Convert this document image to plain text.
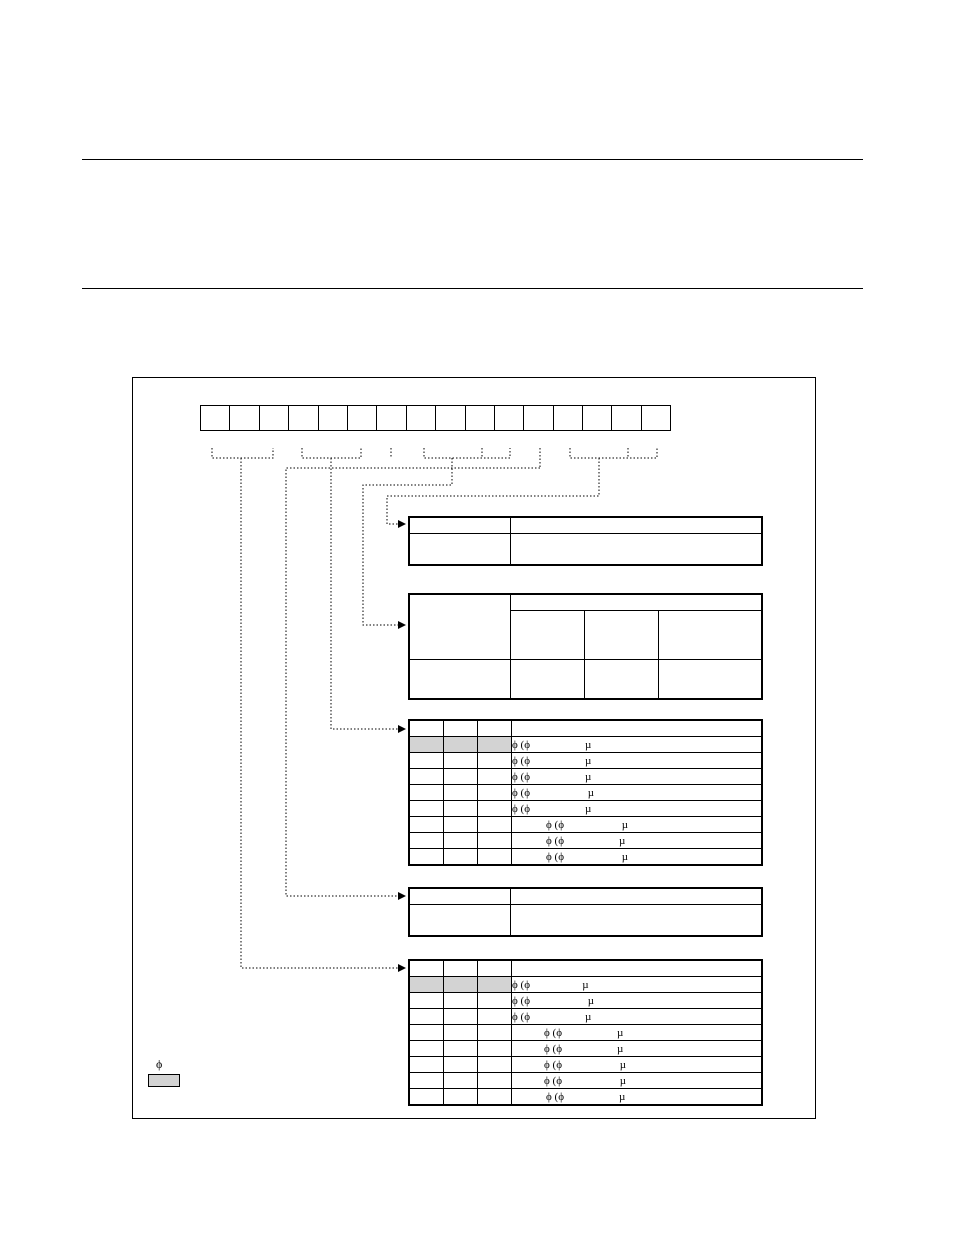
			ϕ (ϕ µ
			ϕ (ϕ µ
			ϕ (ϕ µ
			ϕ (ϕ µ
			ϕ (ϕ µ
			ϕ (ϕ µ
			ϕ (ϕ µ
			ϕ (ϕ µ

			ϕ (ϕ µ
			ϕ (ϕ µ
			ϕ (ϕ µ
			ϕ (ϕ µ
			ϕ (ϕ µ
			ϕ (ϕ µ
			ϕ (ϕ µ
			ϕ (ϕ µ
ϕ
